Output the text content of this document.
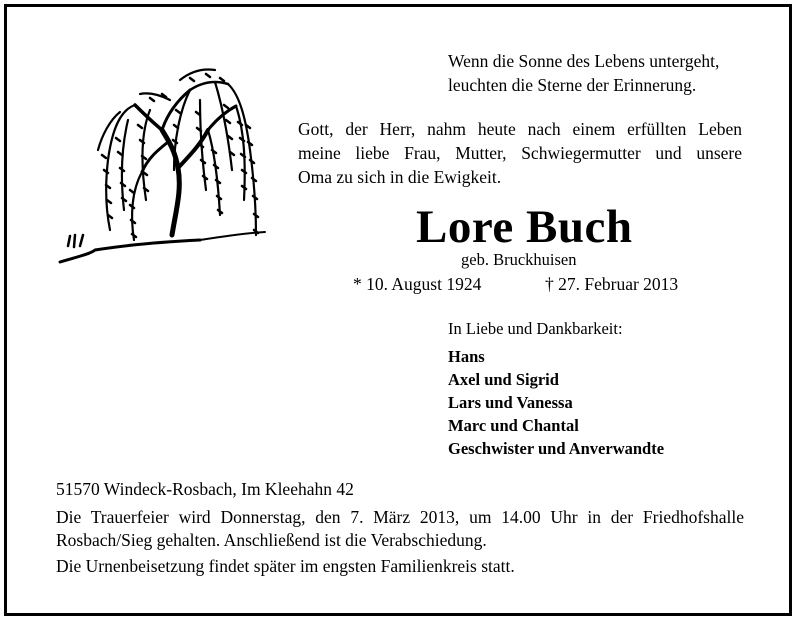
Wenn die Sonne des Lebens untergeht,
leuchten die Sterne der Erinnerung.
Gott, der Herr, nahm heute nach einem erfüllten Leben
meine liebe Frau, Mutter, Schwiegermutter und unsere
Oma zu sich in die Ewigkeit.
Lore Buch
geb. Bruckhuisen
* 10. August 1924	† 27. Februar 2013
In Liebe und Dankbarkeit:
Hans
Axel und Sigrid
Lars und Vanessa
Marc und Chantal
Geschwister und Anverwandte
51570 Windeck-Rosbach, Im Kleehahn 42
Die Trauerfeier wird Donnerstag, den 7. März 2013, um 14.00 Uhr in der Friedhofshalle
Rosbach/Sieg gehalten. Anschließend ist die Verabschiedung.
Die Urnenbeisetzung findet später im engsten Familienkreis statt.
